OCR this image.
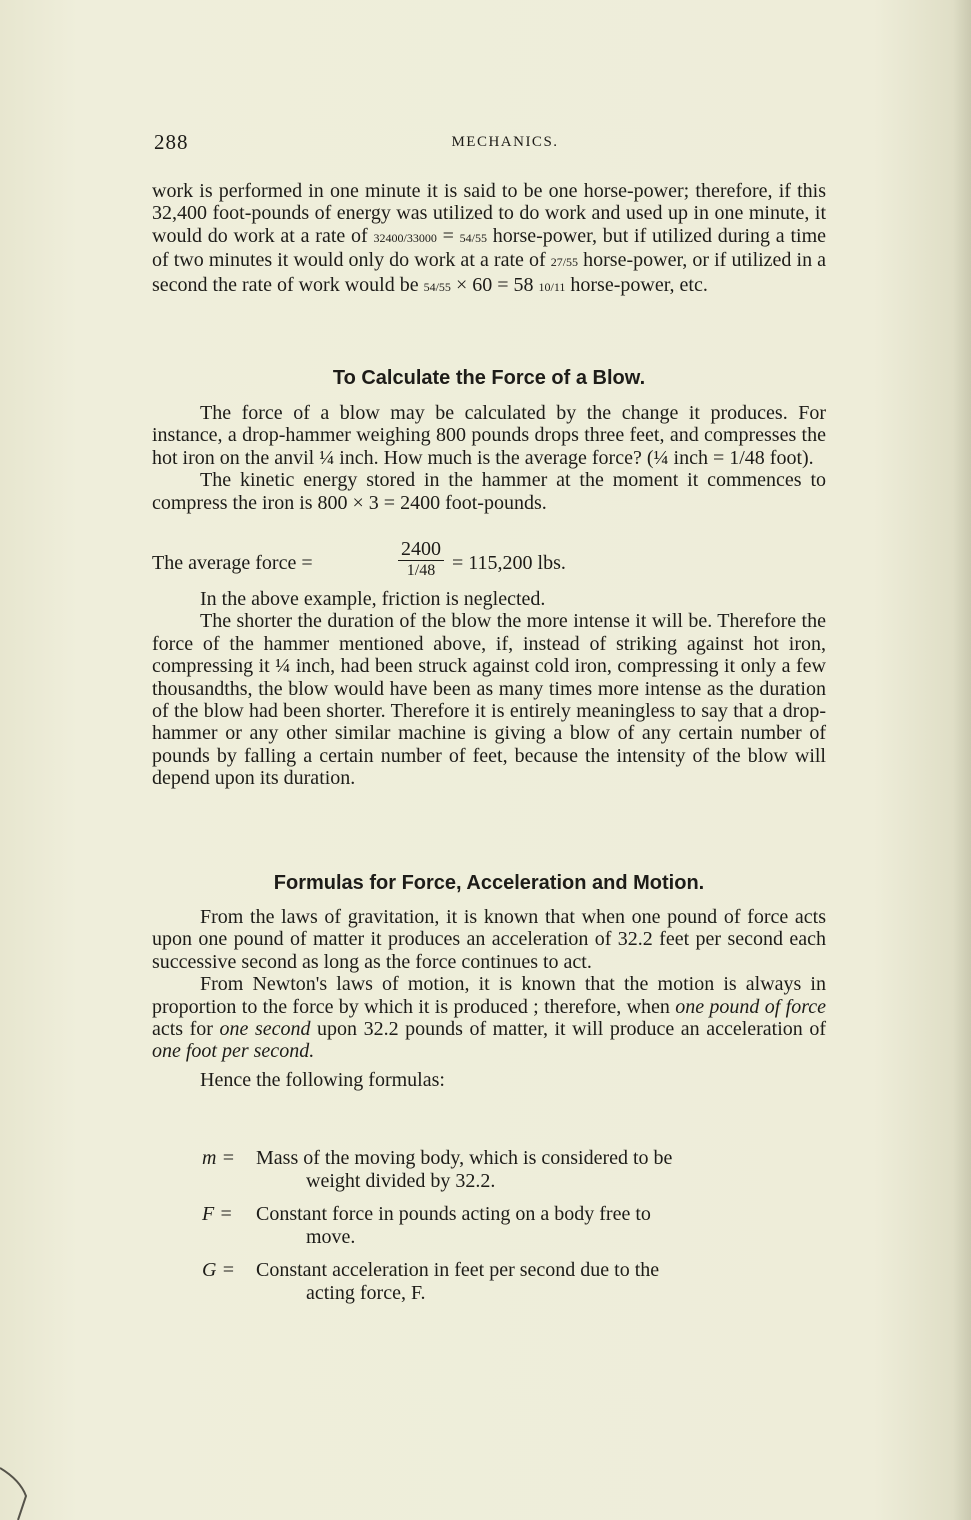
288	MECHANICS.

work is performed in one minute it is said to be one horse-power; therefore, if this 32,400 foot-pounds of energy was utilized to do work and used up in one minute, it would do work at a rate of 32400/33000 = 54/55 horse-power, but if utilized during a time of two minutes it would only do work at a rate of 27/55 horse-power, or if utilized in a second the rate of work would be 54/55 × 60 = 58 10/11 horse-power, etc.

To Calculate the Force of a Blow.

The force of a blow may be calculated by the change it produces. For instance, a drop-hammer weighing 800 pounds drops three feet, and compresses the hot iron on the anvil ¼ inch. How much is the average force? (¼ inch = 1/48 foot).

The kinetic energy stored in the hammer at the moment it commences to compress the iron is 800 × 3 = 2400 foot-pounds.

The average force =
2400
1/48 = 115,200 lbs.

In the above example, friction is neglected.

The shorter the duration of the blow the more intense it will be. Therefore the force of the hammer mentioned above, if, instead of striking against hot iron, compressing it ¼ inch, had been struck against cold iron, compressing it only a few thousandths, the blow would have been as many times more intense as the duration of the blow had been shorter. Therefore it is entirely meaningless to say that a drop-hammer or any other similar machine is giving a blow of any certain number of pounds by falling a certain number of feet, because the intensity of the blow will depend upon its duration.

Formulas for Force, Acceleration and Motion.

From the laws of gravitation, it is known that when one pound of force acts upon one pound of matter it produces an acceleration of 32.2 feet per second each successive second as long as the force continues to act.

From Newton's laws of motion, it is known that the motion is always in proportion to the force by which it is produced ; therefore, when one pound of force acts for one second upon 32.2 pounds of matter, it will produce an acceleration of one foot per second.

Hence the following formulas:

m =	Mass of the moving body, which is considered to be
weight divided by 32.2.
F =	Constant force in pounds acting on a body free to
move.
G =	Constant acceleration in feet per second due to the
acting force, F.
